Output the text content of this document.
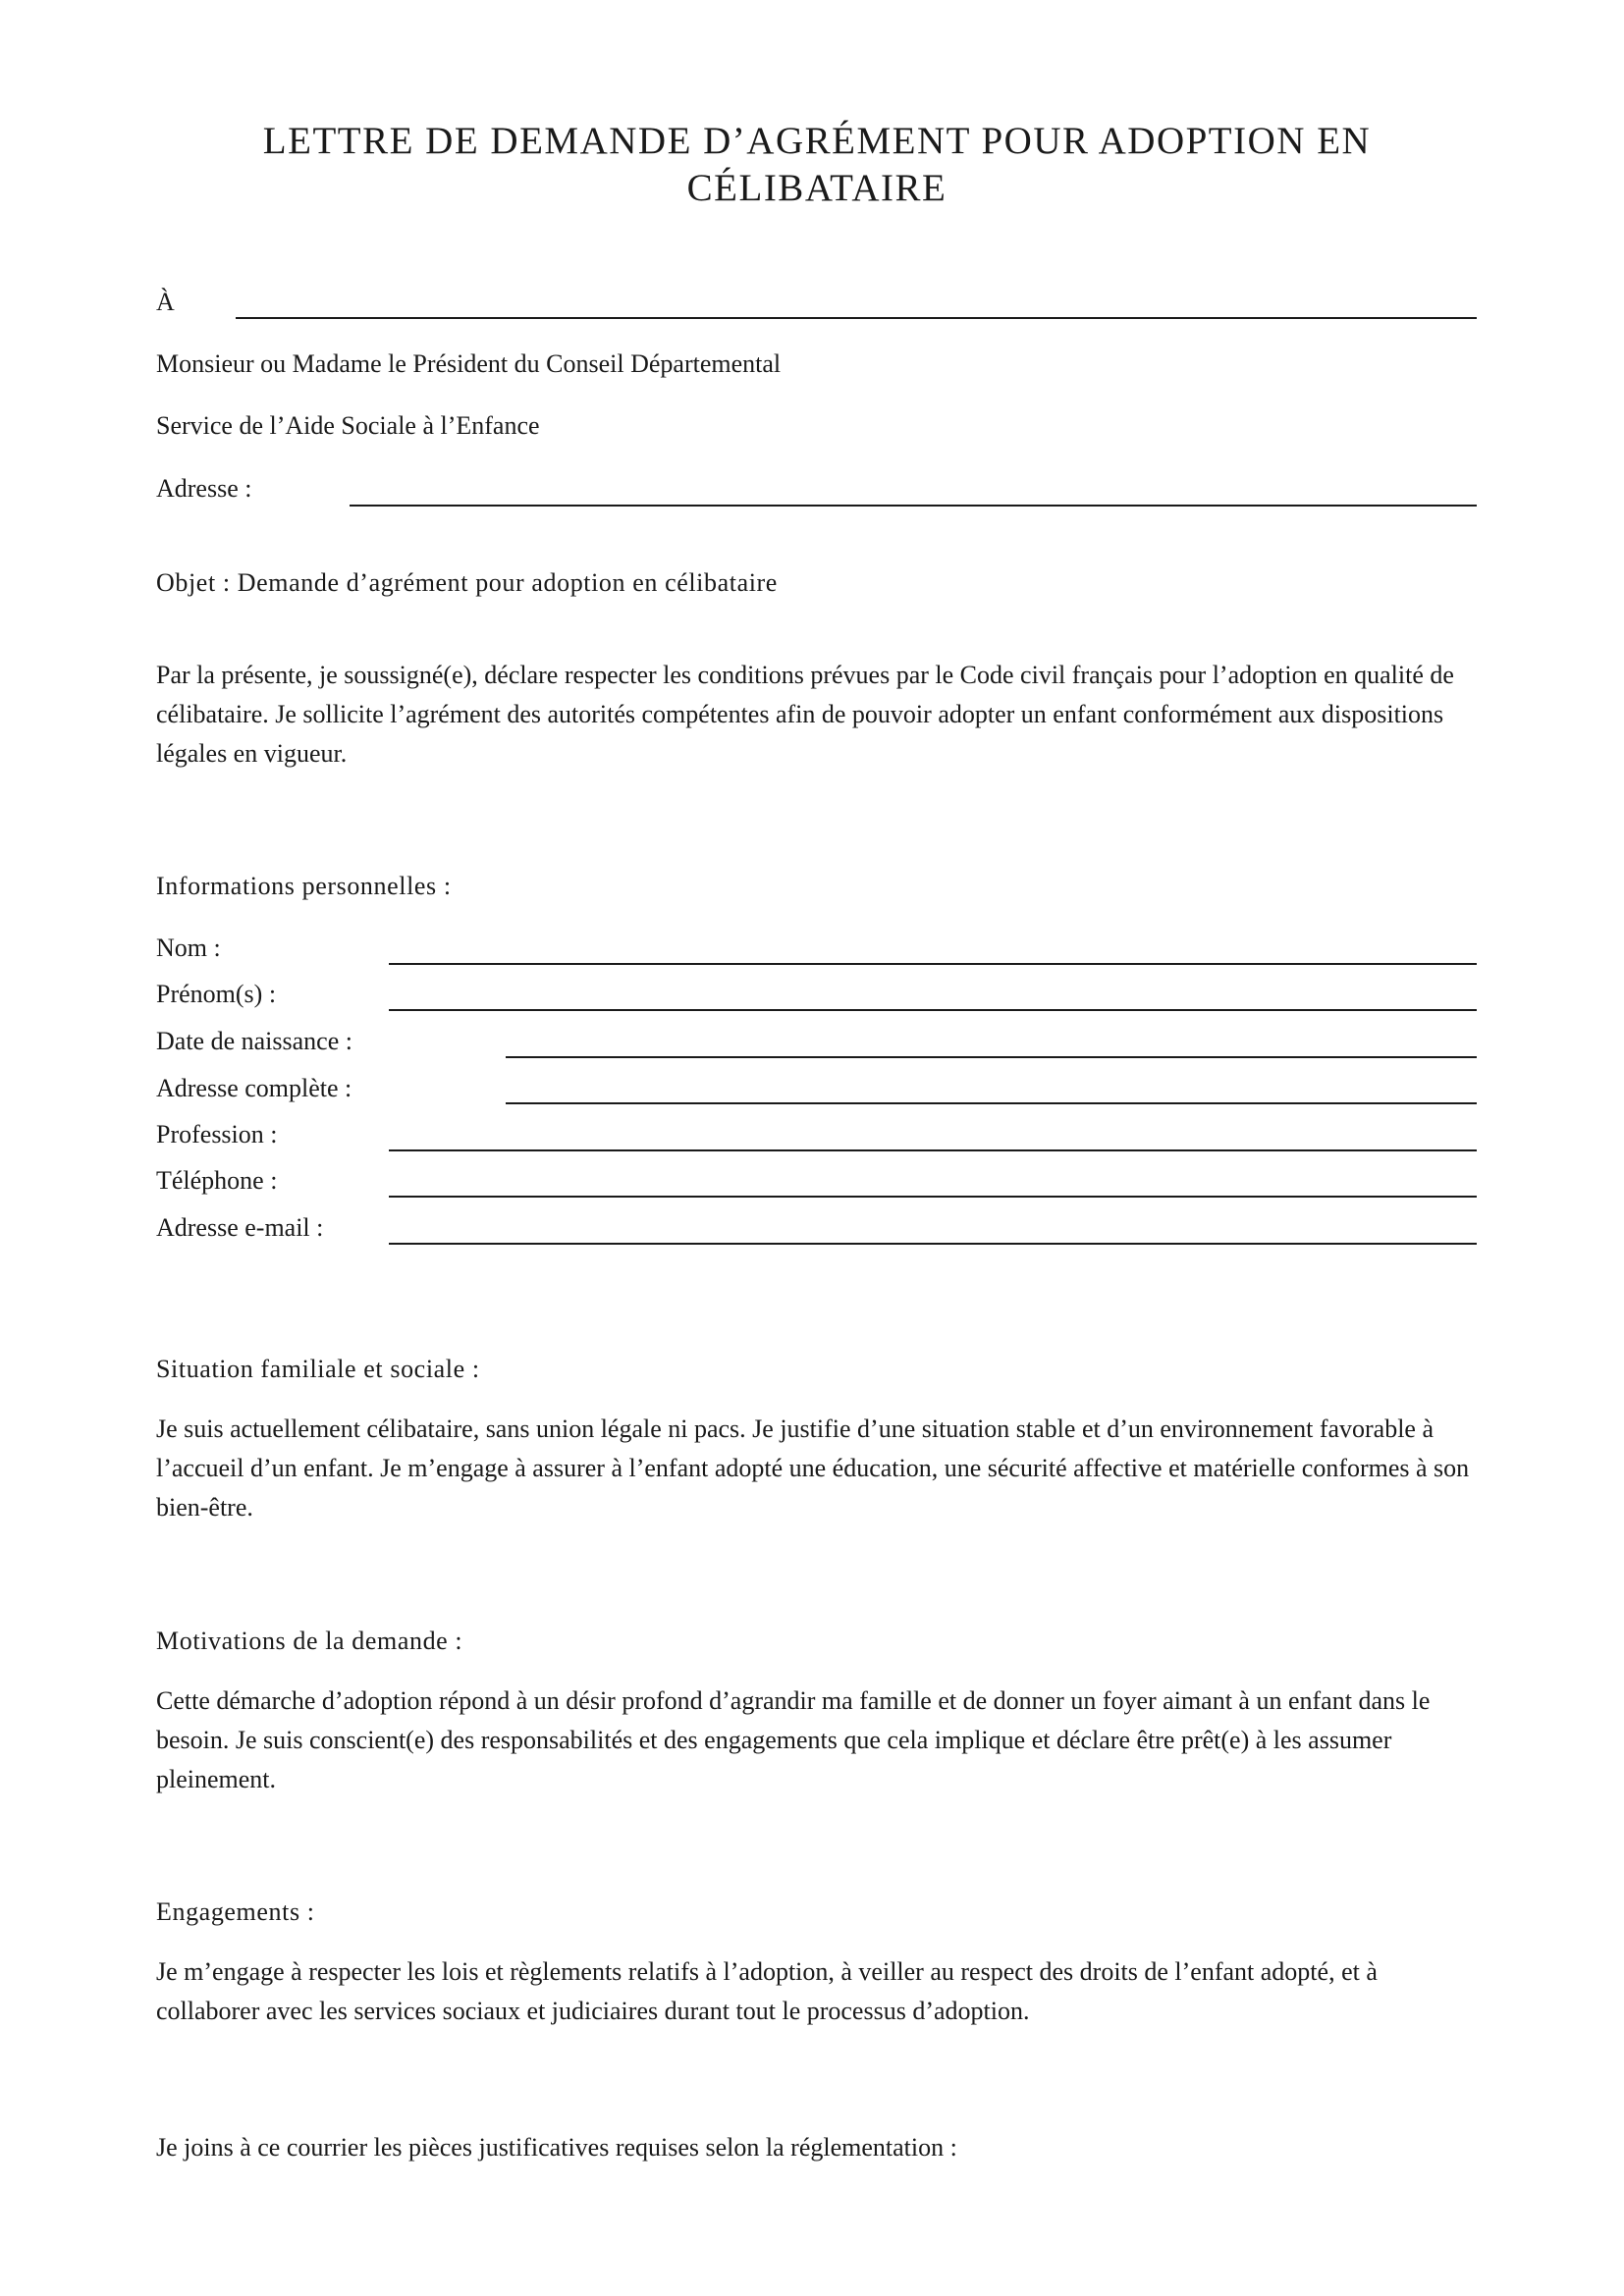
LETTRE DE DEMANDE D’AGRÉMENT POUR ADOPTION EN CÉLIBATAIRE
À
Monsieur ou Madame le Président du Conseil Départemental
Service de l’Aide Sociale à l’Enfance
Adresse :
Objet : Demande d’agrément pour adoption en célibataire
Par la présente, je soussigné(e), déclare respecter les conditions prévues par le Code civil français pour l’adoption en qualité de célibataire. Je sollicite l’agrément des autorités compétentes afin de pouvoir adopter un enfant conformément aux dispositions légales en vigueur.
Informations personnelles :
Nom :
Prénom(s) :
Date de naissance :
Adresse complète :
Profession :
Téléphone :
Adresse e-mail :
Situation familiale et sociale :
Je suis actuellement célibataire, sans union légale ni pacs. Je justifie d’une situation stable et d’un environnement favorable à l’accueil d’un enfant. Je m’engage à assurer à l’enfant adopté une éducation, une sécurité affective et matérielle conformes à son bien-être.
Motivations de la demande :
Cette démarche d’adoption répond à un désir profond d’agrandir ma famille et de donner un foyer aimant à un enfant dans le besoin. Je suis conscient(e) des responsabilités et des engagements que cela implique et déclare être prêt(e) à les assumer pleinement.
Engagements :
Je m’engage à respecter les lois et règlements relatifs à l’adoption, à veiller au respect des droits de l’enfant adopté, et à collaborer avec les services sociaux et judiciaires durant tout le processus d’adoption.
Je joins à ce courrier les pièces justificatives requises selon la réglementation :
